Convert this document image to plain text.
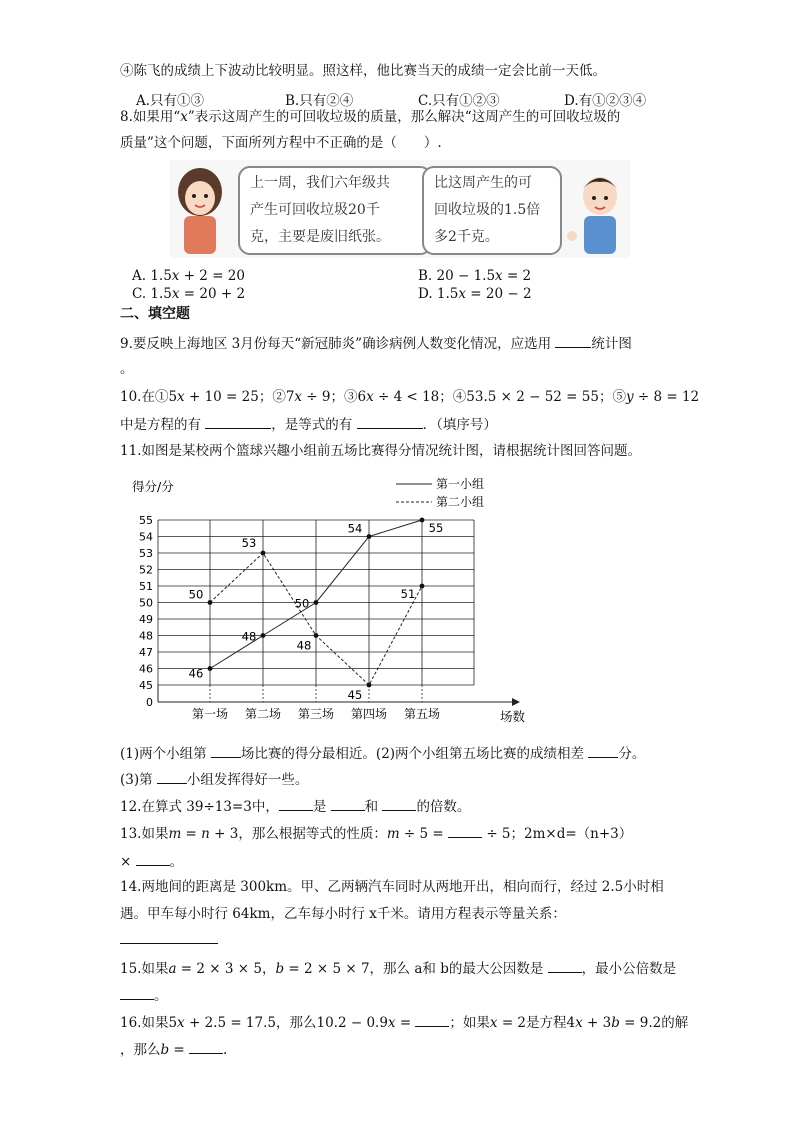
④陈飞的成绩上下波动比较明显。照这样，他比赛当天的成绩一定会比前一天低。
A.只有①③	B.只有②④	C.只有①②③	D.有①②③④
8.如果用“𝑥”表示这周产生的可回收垃圾的质量，那么解决“这周产生的可回收垃圾的
质量”这个问题，下面所列方程中不正确的是（　　）.
上一周，我们六年级共
产生可回收垃圾20千
克，主要是废旧纸张。
比这周产生的可
回收垃圾的1.5倍
多2千克。
A. 1.5𝑥 + 2 = 20	B. 20 − 1.5𝑥 = 2
C. 1.5𝑥 = 20 + 2	D. 1.5𝑥 = 20 − 2
二、填空题
9.要反映上海地区 3月份每天“新冠肺炎”确诊病例人数变化情况，应选用	统计图
。
10.在①5𝑥 + 10 = 25；②7𝑥 ÷ 9；③6𝑥 ÷ 4 < 18；④53.5 × 2 − 52 = 55；⑤𝑦 ÷ 8 = 12
中是方程的有	，是等式的有	．（填序号）
11.如图是某校两个篮球兴趣小组前五场比赛得分情况统计图，请根据统计图回答问题。
0
45
46
47
48
49
50
51
52
53
54
55
第一场 第二场 第三场 第四场 第五场
46
48
50
54	55
50
53
48
45
51
第一小组
第二小组
得分/分
场数
(1)两个小组第 场比赛的得分最相近。(2)两个小组第五场比赛的成绩相差 分。
(3)第 小组发挥得好一些。
12.在算式 39÷13=3中，	是	和	的倍数。
13.如果𝑚 = 𝑛 + 3，那么根据等式的性质：𝑚 ÷ 5 =	÷ 5；2m×d=（n+3）
×	。
14.两地间的距离是 300km。甲、乙两辆汽车同时从两地开出，相向而行，经过 2.5小时相
遇。甲车每小时行 64km，乙车每小时行 x千米。请用方程表示等量关系：
15.如果𝑎 = 2 × 3 × 5，𝑏 = 2 × 5 × 7，那么 a和 b的最大公因数是	，最小公倍数是
。
16.如果5𝑥 + 2.5 = 17.5，那么10.2 − 0.9𝑥 =	；如果𝑥 = 2是方程4𝑥 + 3𝑏 = 9.2的解
，那么𝑏 =	.
